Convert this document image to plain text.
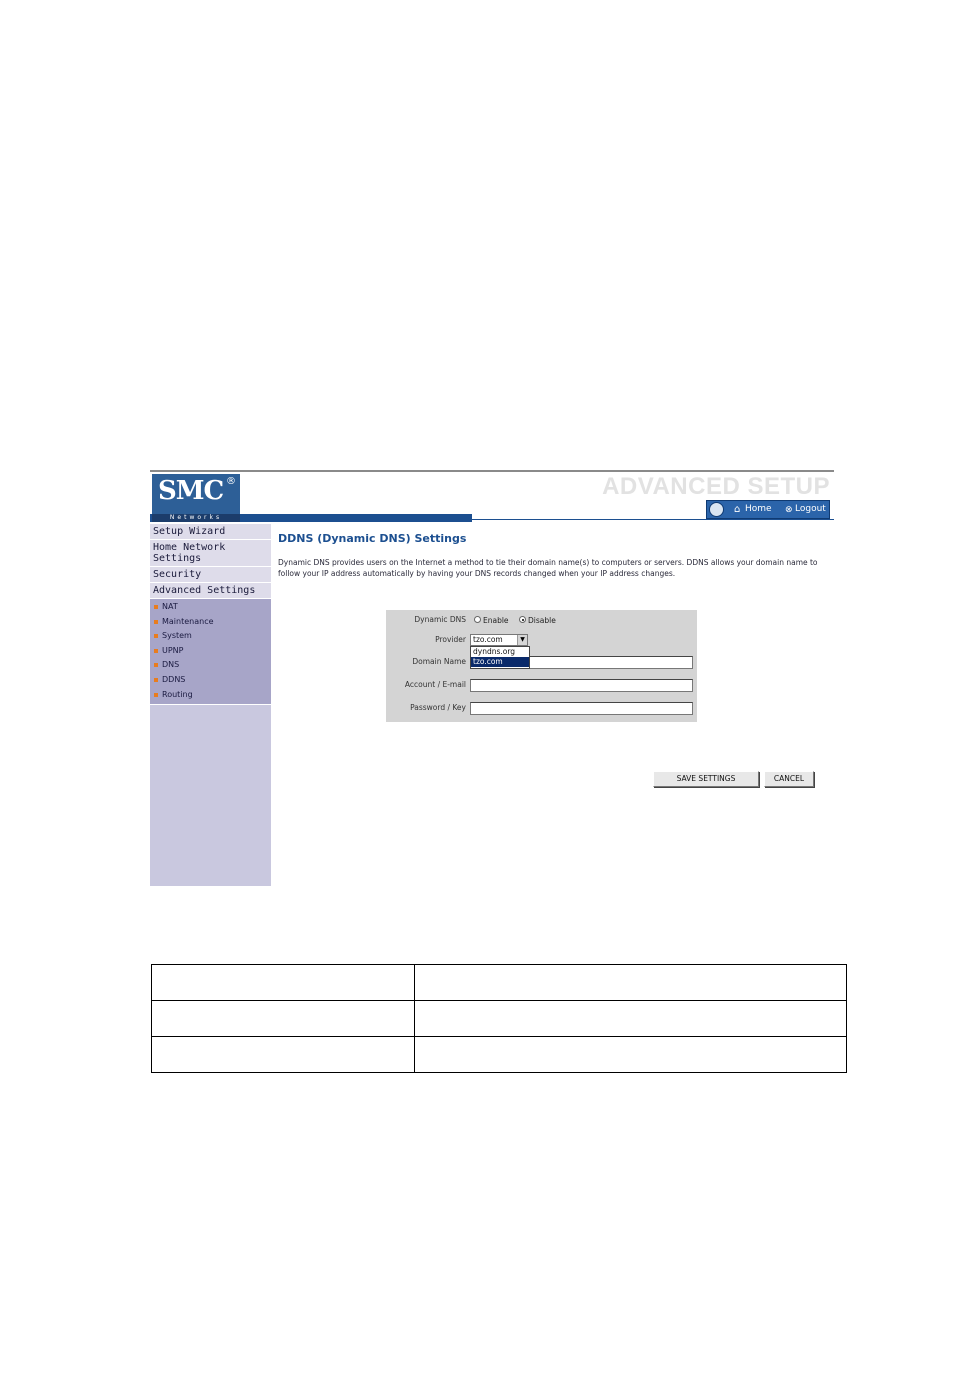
SMC ®
Networks
ADVANCED SETUP
⌂ Home ⊗ Logout
Setup Wizard
Home Network Settings
Security
Advanced Settings
NAT
Maintenance
System
UPNP
DNS
DDNS
Routing
DDNS (Dynamic DNS) Settings
Dynamic DNS provides users on the Internet a method to tie their domain name(s) to computers or servers. DDNS allows your domain name to follow your IP address automatically by having your DNS records changed when your IP address changes.
Dynamic DNS Enable	Disable
Provider tzo.com	▼
dyndns.org
tzo.com
Domain Name
Account / E-mail
Password / Key
SAVE SETTINGS	CANCEL
